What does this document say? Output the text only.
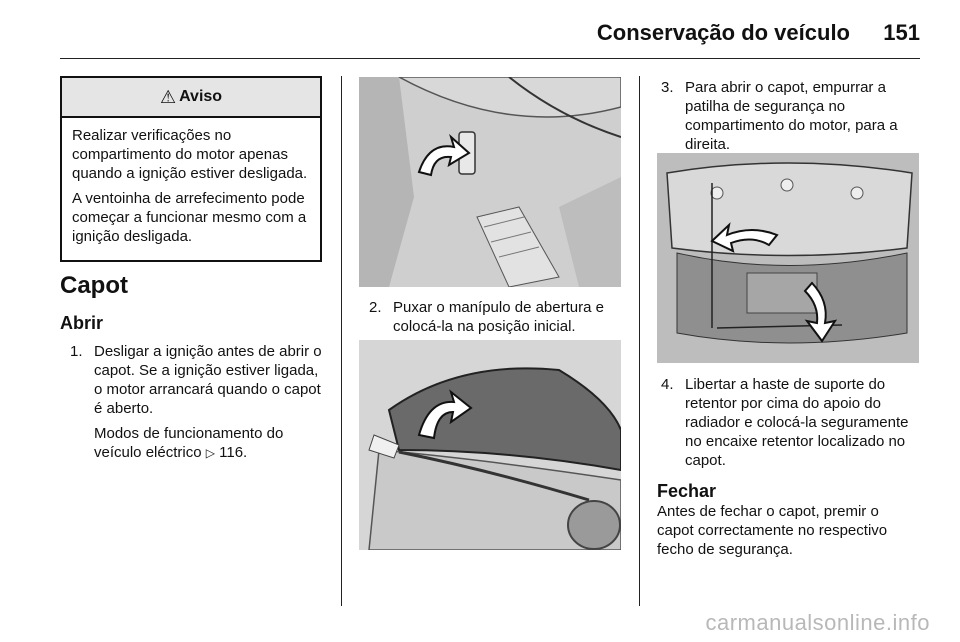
Conservação do veículo 151
⚠ Aviso

Realizar verificações no compartimento do motor apenas quando a ignição estiver desligada.

A ventoinha de arrefecimento pode começar a funcionar mesmo com a ignição desligada.

Capot
Abrir
1. Desligar a ignição antes de abrir o capot. Se a ignição estiver ligada, o motor arrancará quando o capot é aberto.
Modos de funcionamento do veículo eléctrico ▷ 116.
2. Puxar o manípulo de abertura e colocá-la na posição inicial.
3. Para abrir o capot, empurrar a patilha de segurança no compartimento do motor, para a direita.
4. Libertar a haste de suporte do retentor por cima do apoio do radiador e colocá-la seguramente no encaixe retentor localizado no capot.
Fechar
Antes de fechar o capot, premir o capot correctamente no respectivo fecho de segurança.
carmanualsonline.info
